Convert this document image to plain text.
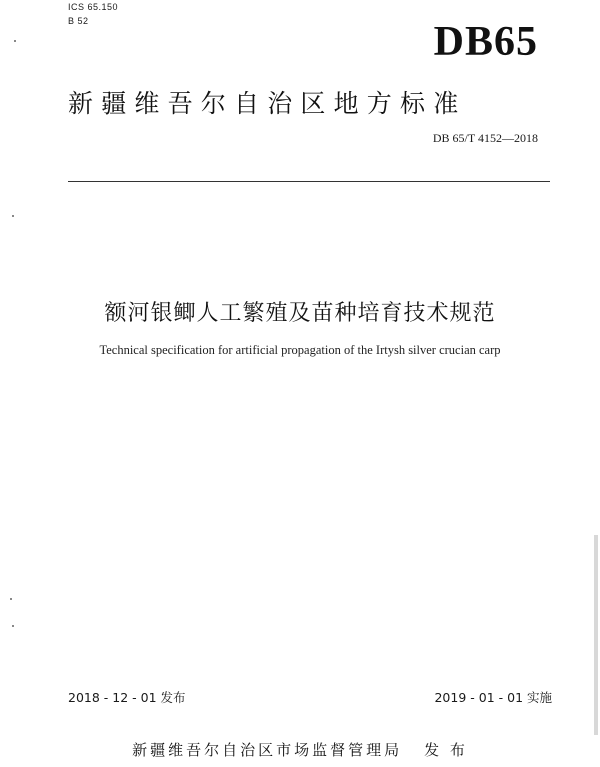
ICS 65.150
B 52	DB65
新疆维吾尔自治区地方标准
DB 65/T 4152—2018
额河银鲫人工繁殖及苗种培育技术规范
Technical specification for artificial propagation of the Irtysh silver crucian carp
2018 - 12 - 01 发布	2019 - 01 - 01 实施
新疆维吾尔自治区市场监督管理局 发 布
